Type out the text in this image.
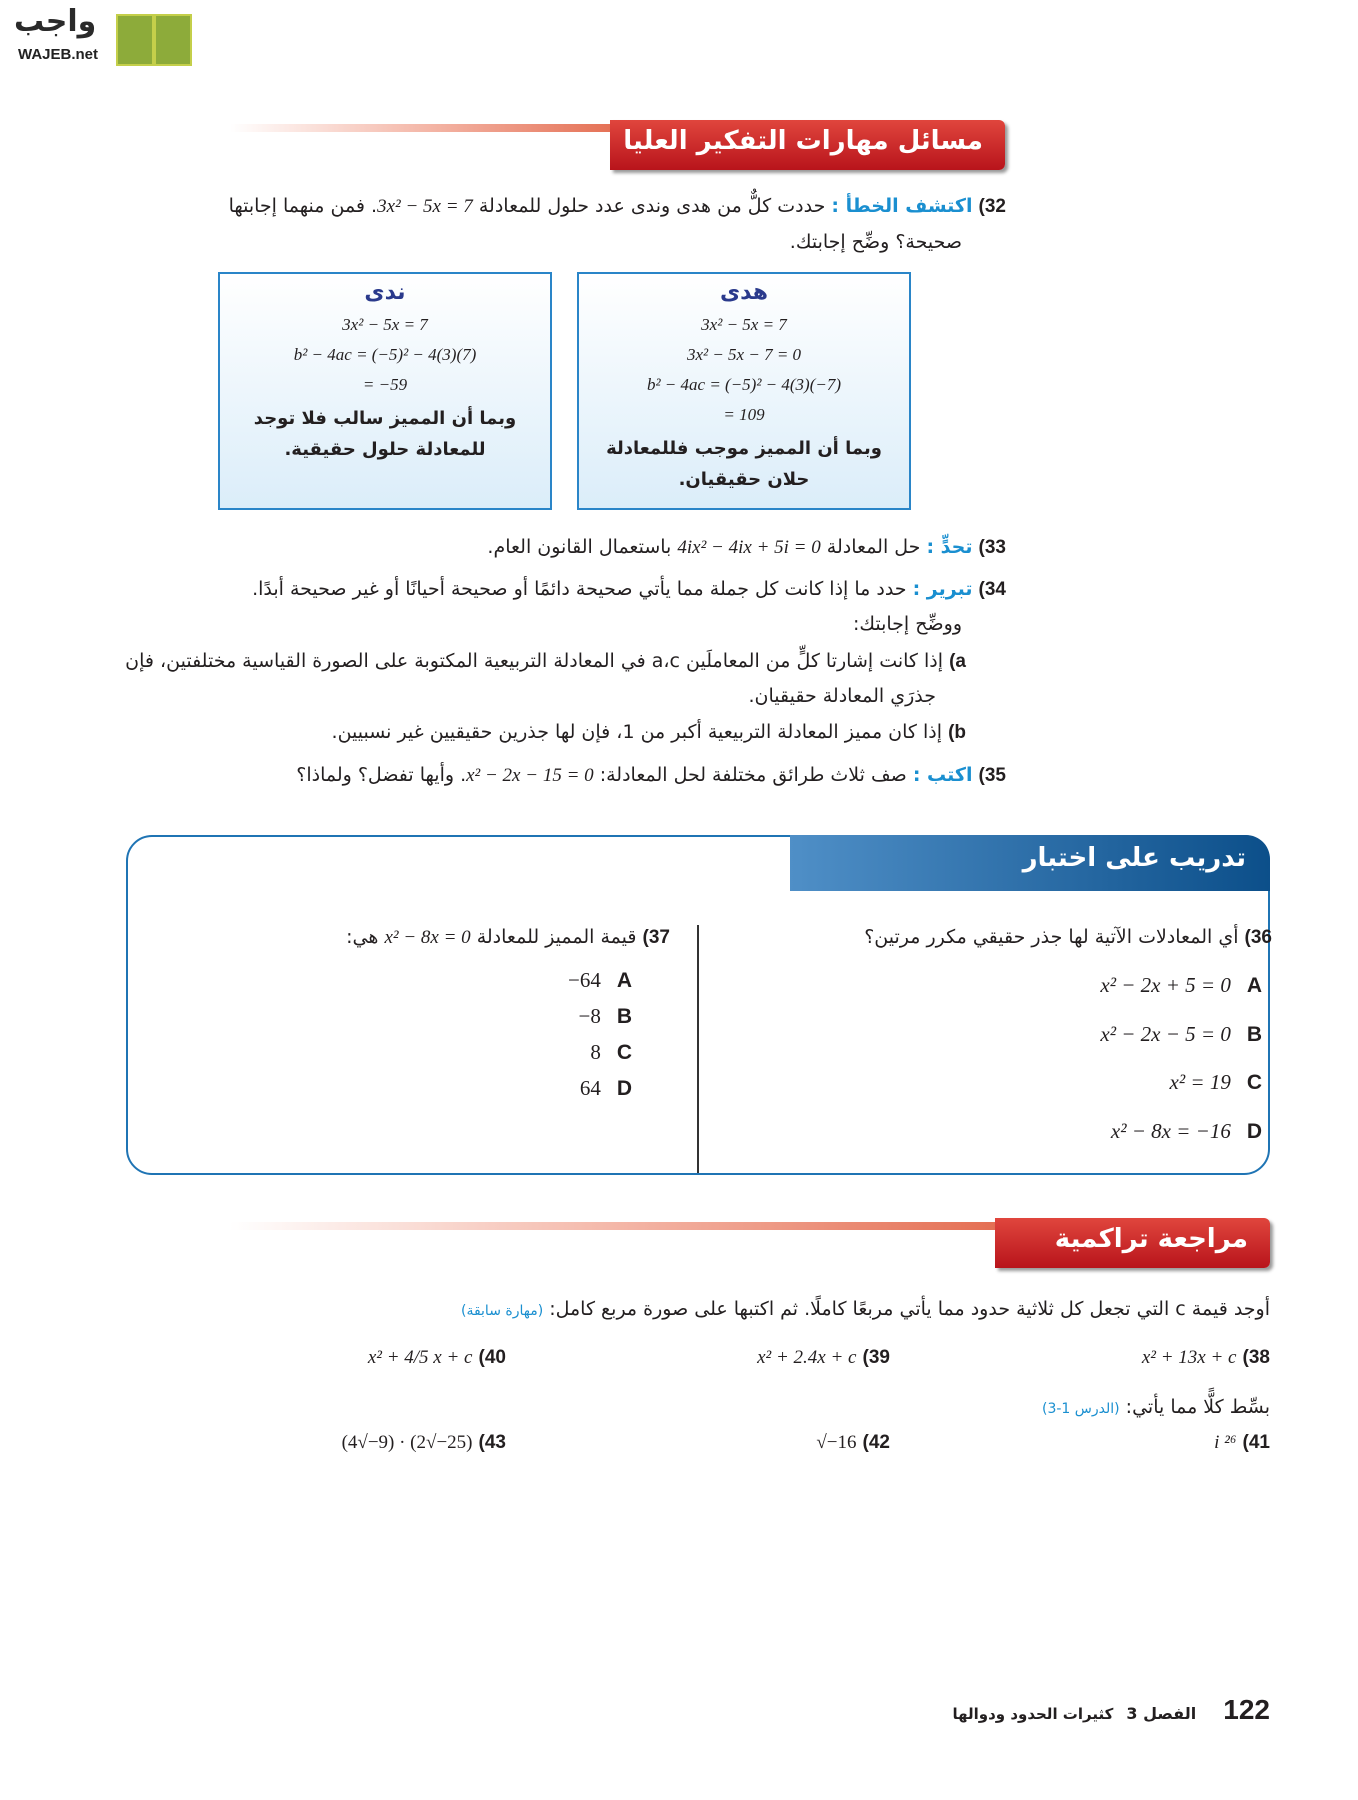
واجب
WAJEB.net
مسائل مهارات التفكير العليا
32) اكتشف الخطأ : حددت كلٌّ من هدى وندى عدد حلول للمعادلة 3x² − 5x = 7. فمن منهما إجابتها
صحيحة؟ وضِّح إجابتك.
ندى
3x² − 5x = 7
b² − 4ac = (−5)² − 4(3)(7)
= −59
وبما أن المميز سالب فلا توجد
للمعادلة حلول حقيقية.
هدى
3x² − 5x = 7
3x² − 5x − 7 = 0
b² − 4ac = (−5)² − 4(3)(−7)
= 109
وبما أن المميز موجب فللمعادلة
حلان حقيقيان.
33) تحدٍّ : حل المعادلة 4ix² − 4ix + 5i = 0 باستعمال القانون العام.
34) تبرير : حدد ما إذا كانت كل جملة مما يأتي صحيحة دائمًا أو صحيحة أحيانًا أو غير صحيحة أبدًا.
ووضِّح إجابتك:
a) إذا كانت إشارتا كلٍّ من المعاملَين a،c في المعادلة التربيعية المكتوبة على الصورة القياسية مختلفتين، فإن
جذرَي المعادلة حقيقيان.
b) إذا كان مميز المعادلة التربيعية أكبر من 1، فإن لها جذرين حقيقيين غير نسبيين.
35) اكتب : صف ثلاث طرائق مختلفة لحل المعادلة: x² − 2x − 15 = 0. وأيها تفضل؟ ولماذا؟
تدريب على اختبار
36) أي المعادلات الآتية لها جذر حقيقي مكرر مرتين؟
Ax² − 2x + 5 = 0
Bx² − 2x − 5 = 0
Cx² = 19
Dx² − 8x = −16
37) قيمة المميز للمعادلة x² − 8x = 0 هي:
A−64
B−8
C8
D64
مراجعة تراكمية
أوجد قيمة c التي تجعل كل ثلاثية حدود مما يأتي مربعًا كاملًا. ثم اكتبها على صورة مربع كامل: (مهارة سابقة)
38) x² + 13x + c
39) x² + 2.4x + c
40) x² + 4/5 x + c
بسِّط كلًّا مما يأتي: (الدرس 1-3)
41) i ²⁶
42) √−16
43) (4√−9) · (2√−25)
122 الفصل 3 كثيرات الحدود ودوالها
